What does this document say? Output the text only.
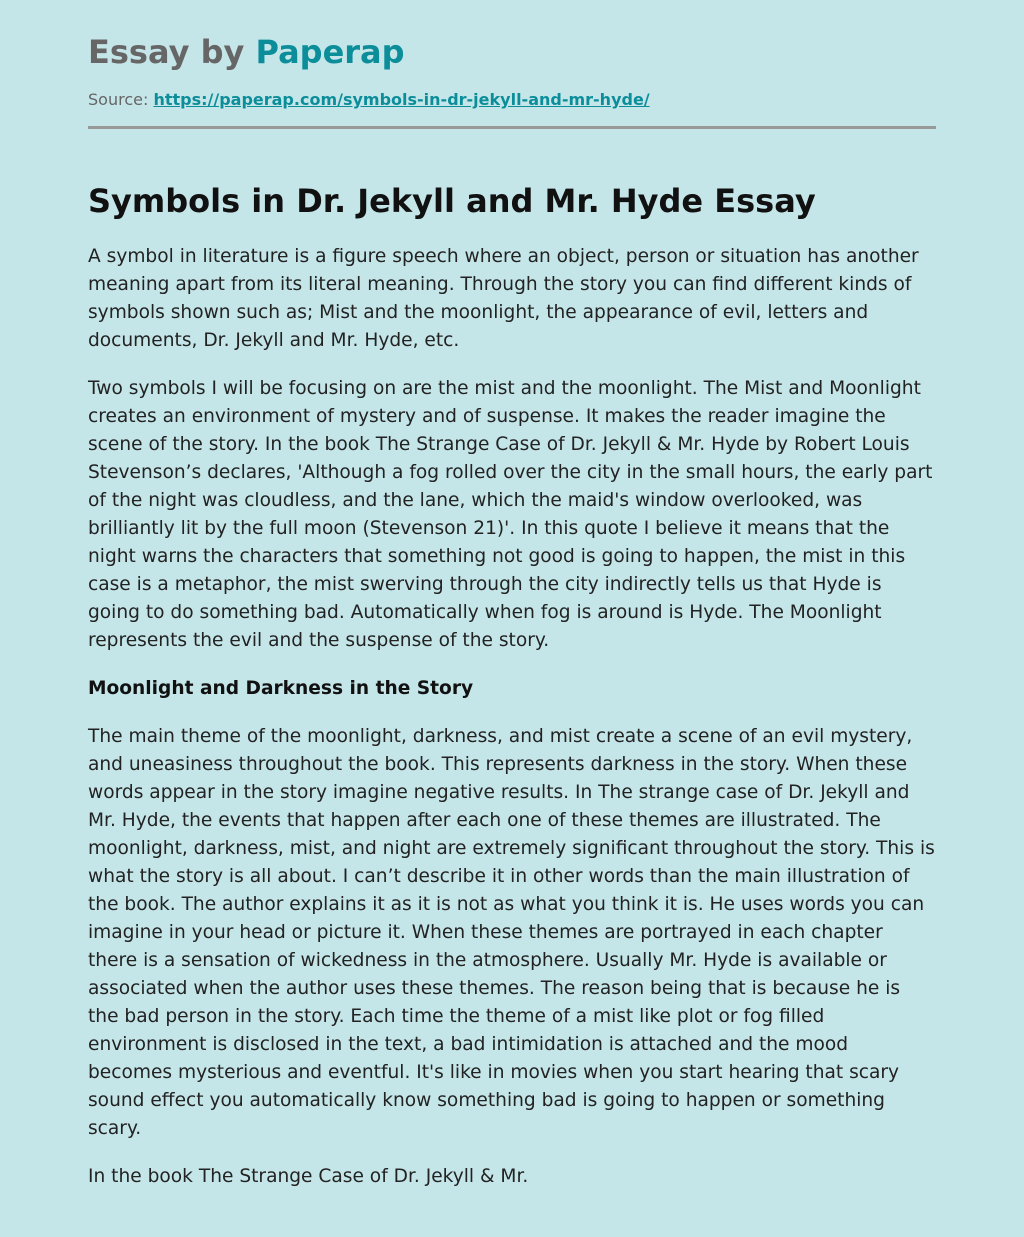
Essay by Paperap
Source: https://paperap.com/symbols-in-dr-jekyll-and-mr-hyde/
Symbols in Dr. Jekyll and Mr. Hyde Essay

A symbol in literature is a figure speech where an object, person or situation has another meaning apart from its literal meaning. Through the story you can find different kinds of symbols shown such as; Mist and the moonlight, the appearance of evil, letters and documents, Dr. Jekyll and Mr. Hyde, etc.

Two symbols I will be focusing on are the mist and the moonlight. The Mist and Moonlight creates an environment of mystery and of suspense. It makes the reader imagine the scene of the story. In the book The Strange Case of Dr. Jekyll & Mr. Hyde by Robert Louis Stevenson’s declares, 'Although a fog rolled over the city in the small hours, the early part of the night was cloudless, and the lane, which the maid's window overlooked, was brilliantly lit by the full moon (Stevenson 21)'. In this quote I believe it means that the night warns the characters that something not good is going to happen, the mist in this case is a metaphor, the mist swerving through the city indirectly tells us that Hyde is going to do something bad. Automatically when fog is around is Hyde. The Moonlight represents the evil and the suspense of the story.

Moonlight and Darkness in the Story

The main theme of the moonlight, darkness, and mist create a scene of an evil mystery, and uneasiness throughout the book. This represents darkness in the story. When these words appear in the story imagine negative results. In The strange case of Dr. Jekyll and Mr. Hyde, the events that happen after each one of these themes are illustrated. The moonlight, darkness, mist, and night are extremely significant throughout the story. This is what the story is all about. I can’t describe it in other words than the main illustration of the book. The author explains it as it is not as what you think it is. He uses words you can imagine in your head or picture it. When these themes are portrayed in each chapter there is a sensation of wickedness in the atmosphere. Usually Mr. Hyde is available or associated when the author uses these themes. The reason being that is because he is the bad person in the story. Each time the theme of a mist like plot or fog filled environment is disclosed in the text, a bad intimidation is attached and the mood becomes mysterious and eventful. It's like in movies when you start hearing that scary sound effect you automatically know something bad is going to happen or something scary.

In the book The Strange Case of Dr. Jekyll & Mr.
